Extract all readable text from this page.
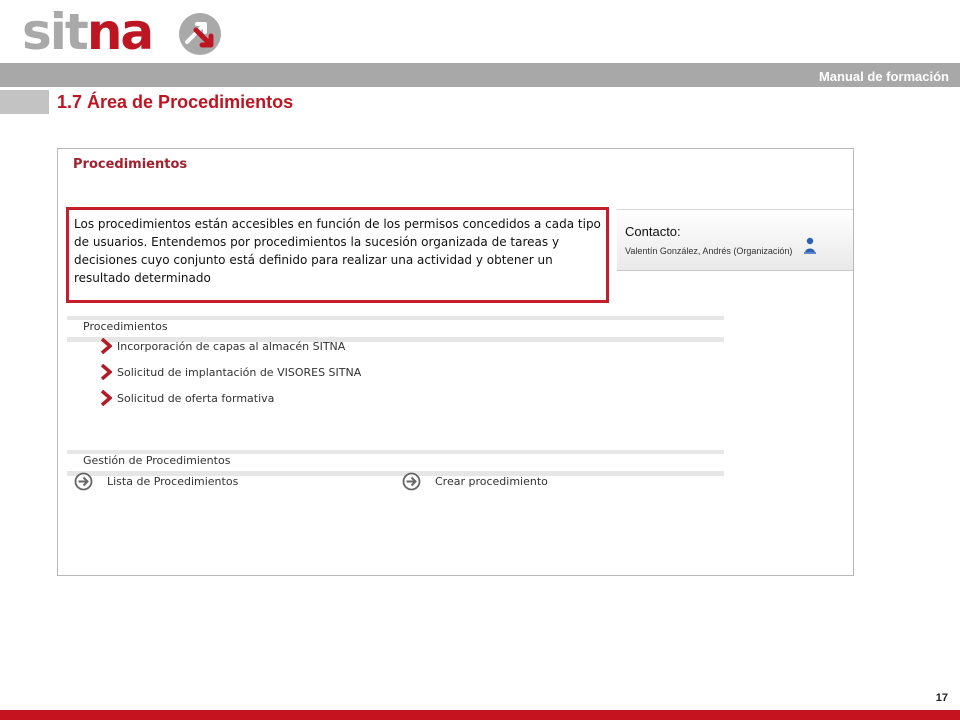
sitna
Manual de formación
1.7 Área de Procedimientos
Procedimientos
Los procedimientos están accesibles en función de los permisos concedidos a cada tipo de usuarios. Entendemos por procedimientos la sucesión organizada de tareas y decisiones cuyo conjunto está definido para realizar una actividad y obtener un resultado determinado
Contacto:
Valentín González, Andrés (Organización)
Procedimientos
Incorporación de capas al almacén SITNA
Solicitud de implantación de VISORES SITNA
Solicitud de oferta formativa
Gestión de Procedimientos
Lista de Procedimientos	Crear procedimiento
17
